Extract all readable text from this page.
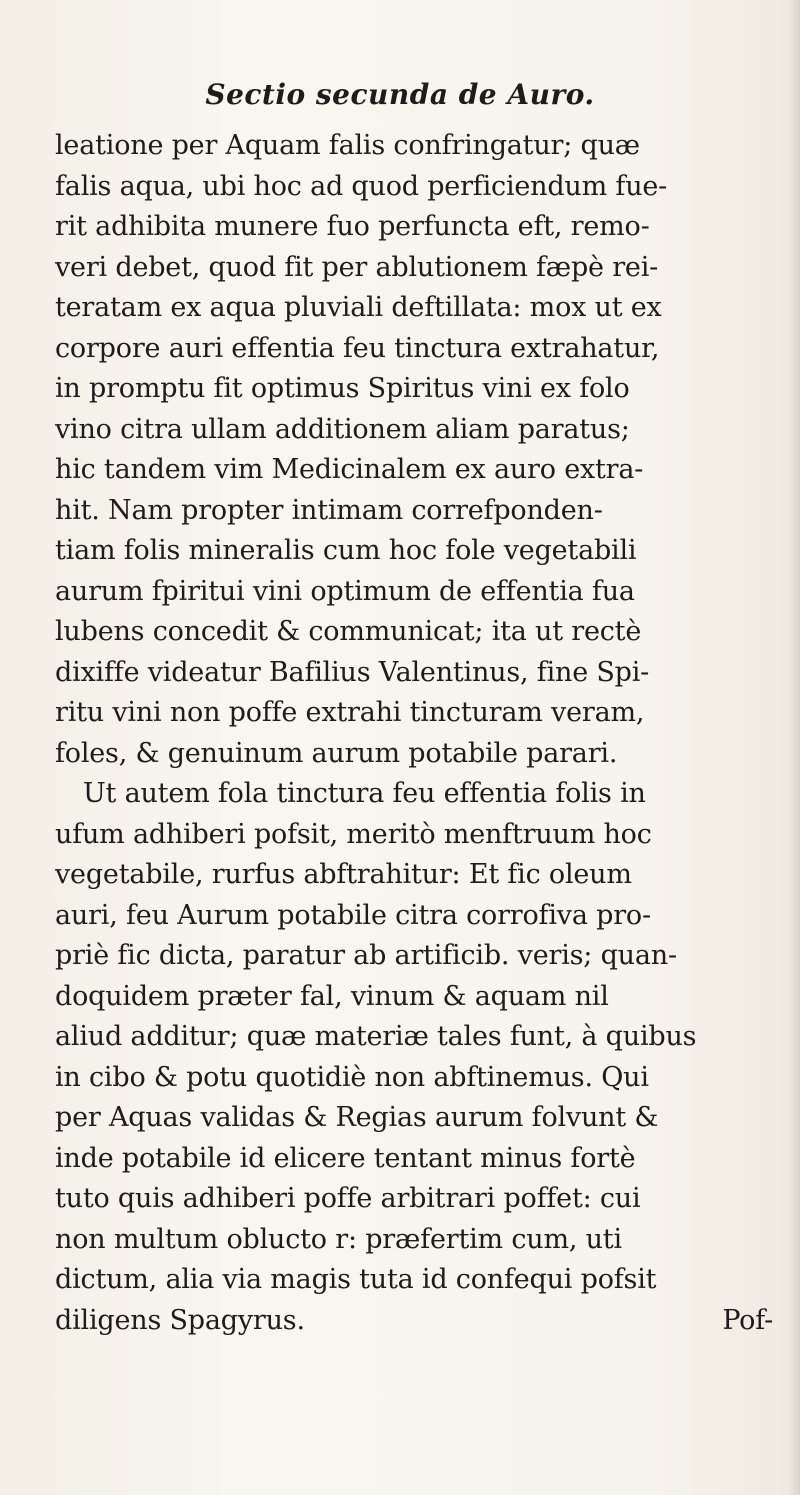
Sectio secunda de Auro.
leatione per Aquam falis confringatur; quæ
falis aqua, ubi hoc ad quod perficiendum fue-
rit adhibita munere fuo perfuncta eft, remo-
veri debet, quod fit per ablutionem fæpè rei-
teratam ex aqua pluviali deftillata: mox ut ex
corpore auri effentia feu tinctura extrahatur,
in promptu fit optimus Spiritus vini ex folo
vino citra ullam additionem aliam paratus;
hic tandem vim Medicinalem ex auro extra-
hit. Nam propter intimam correfponden-
tiam folis mineralis cum hoc fole vegetabili
aurum fpiritui vini optimum de effentia fua
lubens concedit & communicat; ita ut rectè
dixiffe videatur Bafilius Valentinus, fine Spi-
ritu vini non poffe extrahi tincturam veram,
foles, & genuinum aurum potabile parari.
Ut autem fola tinctura feu effentia folis in
ufum adhiberi pofsit, meritò menftruum hoc
vegetabile, rurfus abftrahitur: Et fic oleum
auri, feu Aurum potabile citra corrofiva pro-
priè fic dicta, paratur ab artificib. veris; quan-
doquidem præter fal, vinum & aquam nil
aliud additur; quæ materiæ tales funt, à quibus
in cibo & potu quotidiè non abftinemus. Qui
per Aquas validas & Regias aurum folvunt &
inde potabile id elicere tentant minus fortè
tuto quis adhiberi poffe arbitrari poffet: cui
non multum oblucto r: præfertim cum, uti
dictum, alia via magis tuta id confequi pofsit
diligens Spagyrus.	Pof-
